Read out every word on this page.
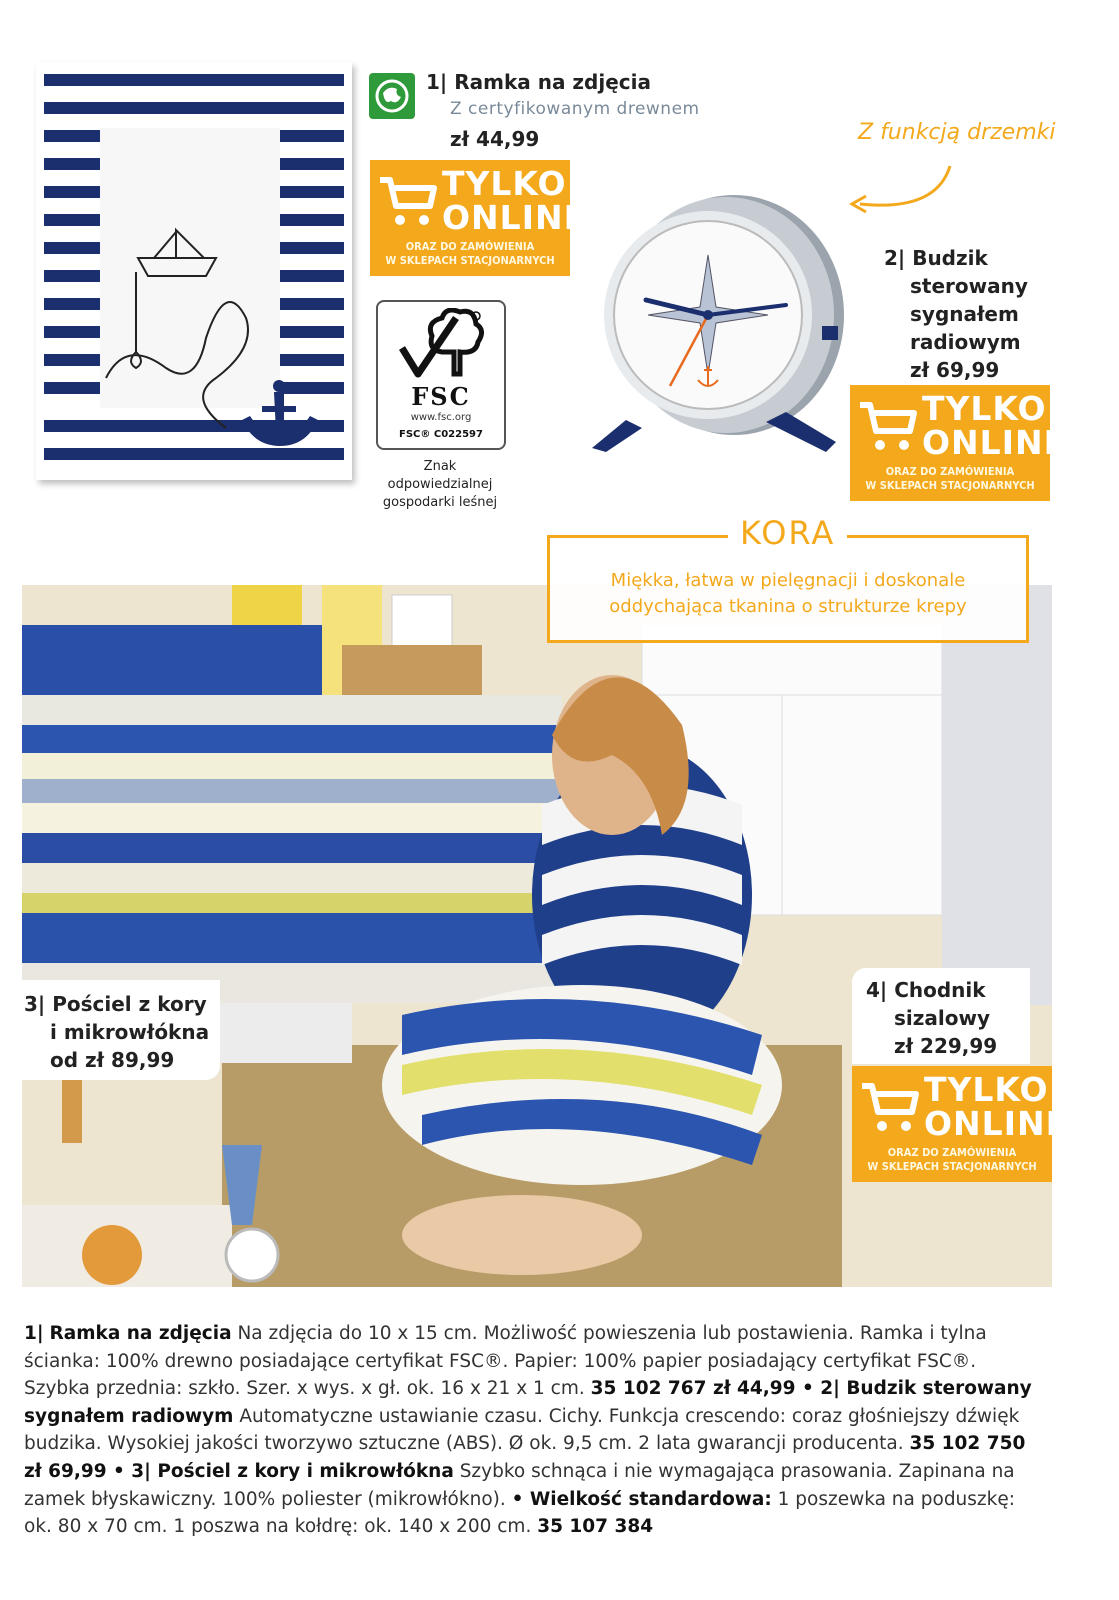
1| Ramka na zdjęcia
Z certyfikowanym drewnem
zł 44,99
TYLKO
ONLINE
ORAZ DO ZAMÓWIENIA
W SKLEPACH STACJONARNYCH
FSC
www.fsc.org
FSC® C022597
Znak
odpowiedzialnej
gospodarki leśnej
Z funkcją drzemki
2| Budzik
sterowany
sygnałem
radiowym
zł 69,99
TYLKO
ONLINE
ORAZ DO ZAMÓWIENIA
W SKLEPACH STACJONARNYCH
KORA
Miękka, łatwa w pielęgnacji i doskonale
oddychająca tkanina o strukturze krepy
3| Pościel z kory
i mikrowłókna
od zł 89,99
4| Chodnik
sizalowy
zł 229,99
TYLKO
ONLINE
ORAZ DO ZAMÓWIENIA
W SKLEPACH STACJONARNYCH
1| Ramka na zdjęcia Na zdjęcia do 10 x 15 cm. Możliwość powieszenia lub postawienia. Ramka i tylna ścianka: 100% drewno posiadające certyfikat FSC®. Papier: 100% papier posiadający certyfikat FSC®. Szybka przednia: szkło. Szer. x wys. x gł. ok. 16 x 21 x 1 cm. 35 102 767 zł 44,99 • 2| Budzik sterowany sygnałem radiowym Automatyczne ustawianie czasu. Cichy. Funkcja crescendo: coraz głośniejszy dźwięk budzika. Wysokiej jakości tworzywo sztuczne (ABS). Ø ok. 9,5 cm. 2 lata gwarancji producenta. 35 102 750 zł 69,99 • 3| Pościel z kory i mikrowłókna Szybko schnąca i nie wymagająca prasowania. Zapinana na zamek błyskawiczny. 100% poliester (mikrowłókno). • Wielkość standardowa: 1 poszewka na poduszkę: ok. 80 x 70 cm. 1 poszwa na kołdrę: ok. 140 x 200 cm. 35 107 384
